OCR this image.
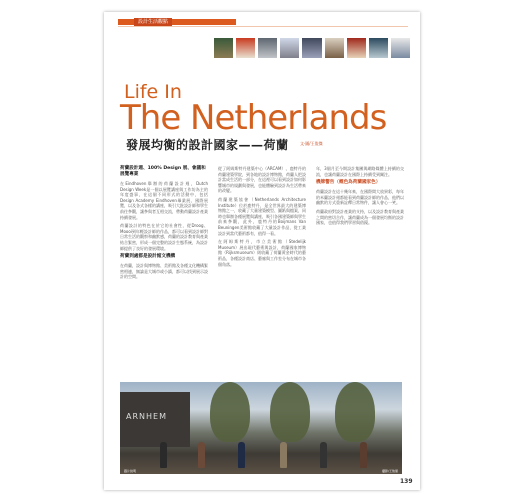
設計生活觀點
Life In
The Netherlands
發展均衡的設計國家——荷蘭	文‧圖/王俊傑
荷蘭設計週、100% Design 展、會議和展覽專業

在Eindhoven舉辦的荷蘭設計週，Dutch Design Week是一個以展覽講座與工作坊為主的年度盛事，在這個不同形式的活動中，包括Design Academy Eindhoven畢業展、國際展覽，以及各式各樣的講座，吸引大批設計師和學生前往參觀，讓參與者互相交流，帶動荷蘭設計產業持續發展。

荷蘭設計的特色在於它的社會性，從Droog、Moooi到年輕設計師的作品，都可以看到設計師對日常生活的觀察和幽默感，荷蘭的設計教育與產業結合緊密，形成一個完整的設計生態系統，為設計師提供了良好的發展環境。

荷蘭到處都是設計館文機構

在荷蘭，設計與博物館、美術館及各種文化機構緊密相連，無論是大城市或小鎮，都可以找到展示設計的空間。

從了阿姆斯特丹建築中心（ARCAM）、鹿特丹的荷蘭建築學院，到各地的設計博物館，荷蘭人把設計當成生活的一部分，在這裡可以看到設計如何影響城市的規劃與發展，也能體驗到設計為生活帶來的改變。

荷蘭建築協會（Netherlands Architecture Institute）位於鹿特丹，是全世界最大的建築博物館之一，收藏了大量建築模型、圖紙與檔案，同時也舉辦各種展覽與講座，吸引各國建築師與學生前來參觀，此外，鹿特丹的Boijmans Van Beuningen美術館收藏了大量設計作品，從工業設計到當代藝術都有，值得一看。

在阿姆斯特丹，市立美術館（Stedelijk Museum）展出現代藝術與設計，荷蘭國家博物館（Rijksmuseum）則收藏了荷蘭黃金時代的藝術品，各種設計商店、藝廊與工作室分布在城市各個角落。

年，3個月至今期設計集團與網路媒體上持續的交流，也讓荷蘭設計在國際上持續受到關注。

機牌警告（概色為荷蘭國家色）

荷蘭設計在這十幾年來，在國際間大放異彩，每年的米蘭設計週都能看到荷蘭設計師的作品，他們以幽默的方式重新詮釋日常物件，讓人會心一笑。

荷蘭政府對設計產業的支持，以及設計教育與產業之間的密切合作，讓荷蘭成為一個發展均衡的設計國家，也值得我們學習與借鏡。

ARNHEM
圖片說明	攝影/王俊傑
139
